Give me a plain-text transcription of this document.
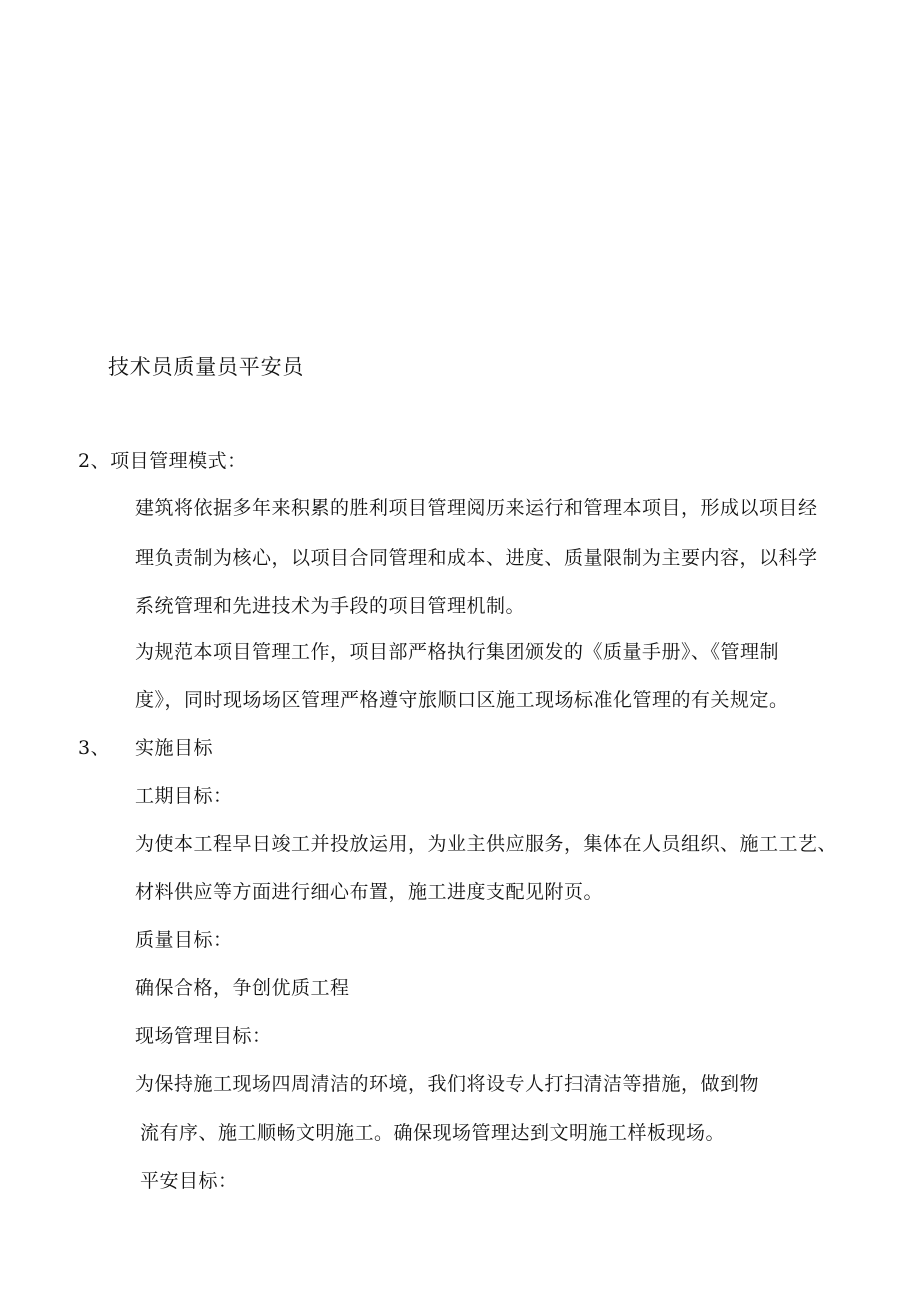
技术员质量员平安员
2、项目管理模式：
建筑将依据多年来积累的胜利项目管理阅历来运行和管理本项目，形成以项目经
理负责制为核心，以项目合同管理和成本、进度、质量限制为主要内容，以科学
系统管理和先进技术为手段的项目管理机制。
为规范本项目管理工作，项目部严格执行集团颁发的《质量手册》、《管理制
度》，同时现场场区管理严格遵守旅顺口区施工现场标准化管理的有关规定。
3、 实施目标
工期目标：
为使本工程早日竣工并投放运用，为业主供应服务，集体在人员组织、施工工艺、
材料供应等方面进行细心布置，施工进度支配见附页。
质量目标：
确保合格，争创优质工程
现场管理目标：
为保持施工现场四周清洁的环境，我们将设专人打扫清洁等措施，做到物
流有序、施工顺畅文明施工。确保现场管理达到文明施工样板现场。
平安目标：
